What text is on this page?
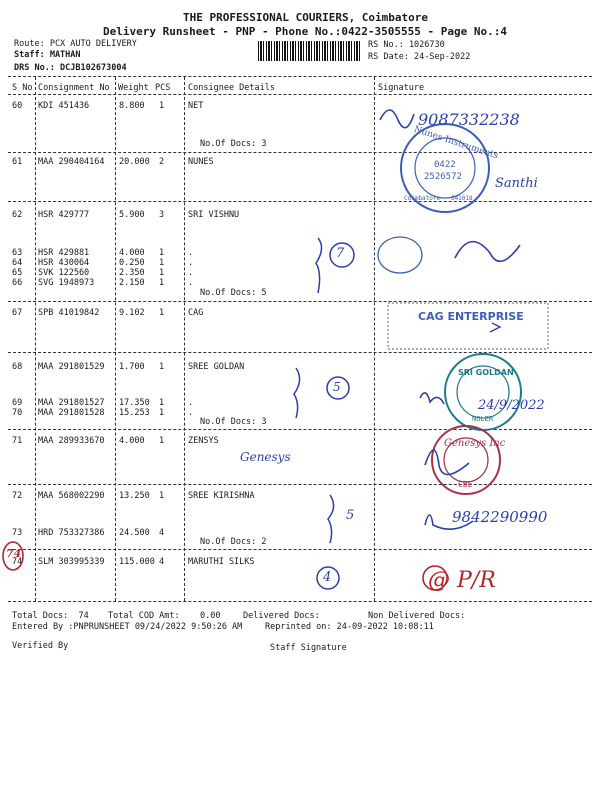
THE PROFESSIONAL COURIERS, Coimbatore
Delivery Runsheet - PNP - Phone No.:0422-3505555 - Page No.:4
Route: PCX AUTO DELIVERY
Staff: MATHAN
DRS No.: DCJB102673004
RS No.: 1026730
RS Date: 24-Sep-2022
S No Consignment No Weight PCS Consignee Details	Signature
60 KDI 451436	8.800 1	NET
61 MAA 290404164 20.000 2	NUNES
62 HSR 429777	5.900 3	SRI VISHNU
63 HSR 429881	4.000 1	.
64 HSR 430064	0.250 1	.
65 SVK 122560	2.350 1	.
66 SVG 1948973	2.150 1	.
67 SPB 41019842 9.102 1	CAG
68 MAA 291801529 1.700 1	SREE GOLDAN
69 MAA 291801527 17.350 1	.
70 MAA 291801528 15.253 1	.
71 MAA 289933670 4.000 1	ZENSYS
72 MAA 568002290 13.250 1	SREE KIRISHNA
73 HRD 753327386 24.500 4
74 SLM 303995339 115.000 4	MARUTHI SILKS
No.Of Docs: 3
No.Of Docs: 5
No.Of Docs: 3
No.Of Docs: 2
9087332238
Santhi
7
5
24/9/2022
Genesys
5	9842290990
4	@ P/R
74
Nunes Instruments
0422
2526572
Coimbatore - 641018
CAG ENTERPRISE
SRI GOLDAN
NOLER
Genesys Inc
CBE
Total Docs:  74 Total COD Amt: 0.00	Delivered Docs:	Non Delivered Docs:
Entered By :PNPRUNSHEET 09/24/2022 9:50:26 AM	Reprinted on: 24-09-2022 10:08:11
Verified By	Staff Signature
